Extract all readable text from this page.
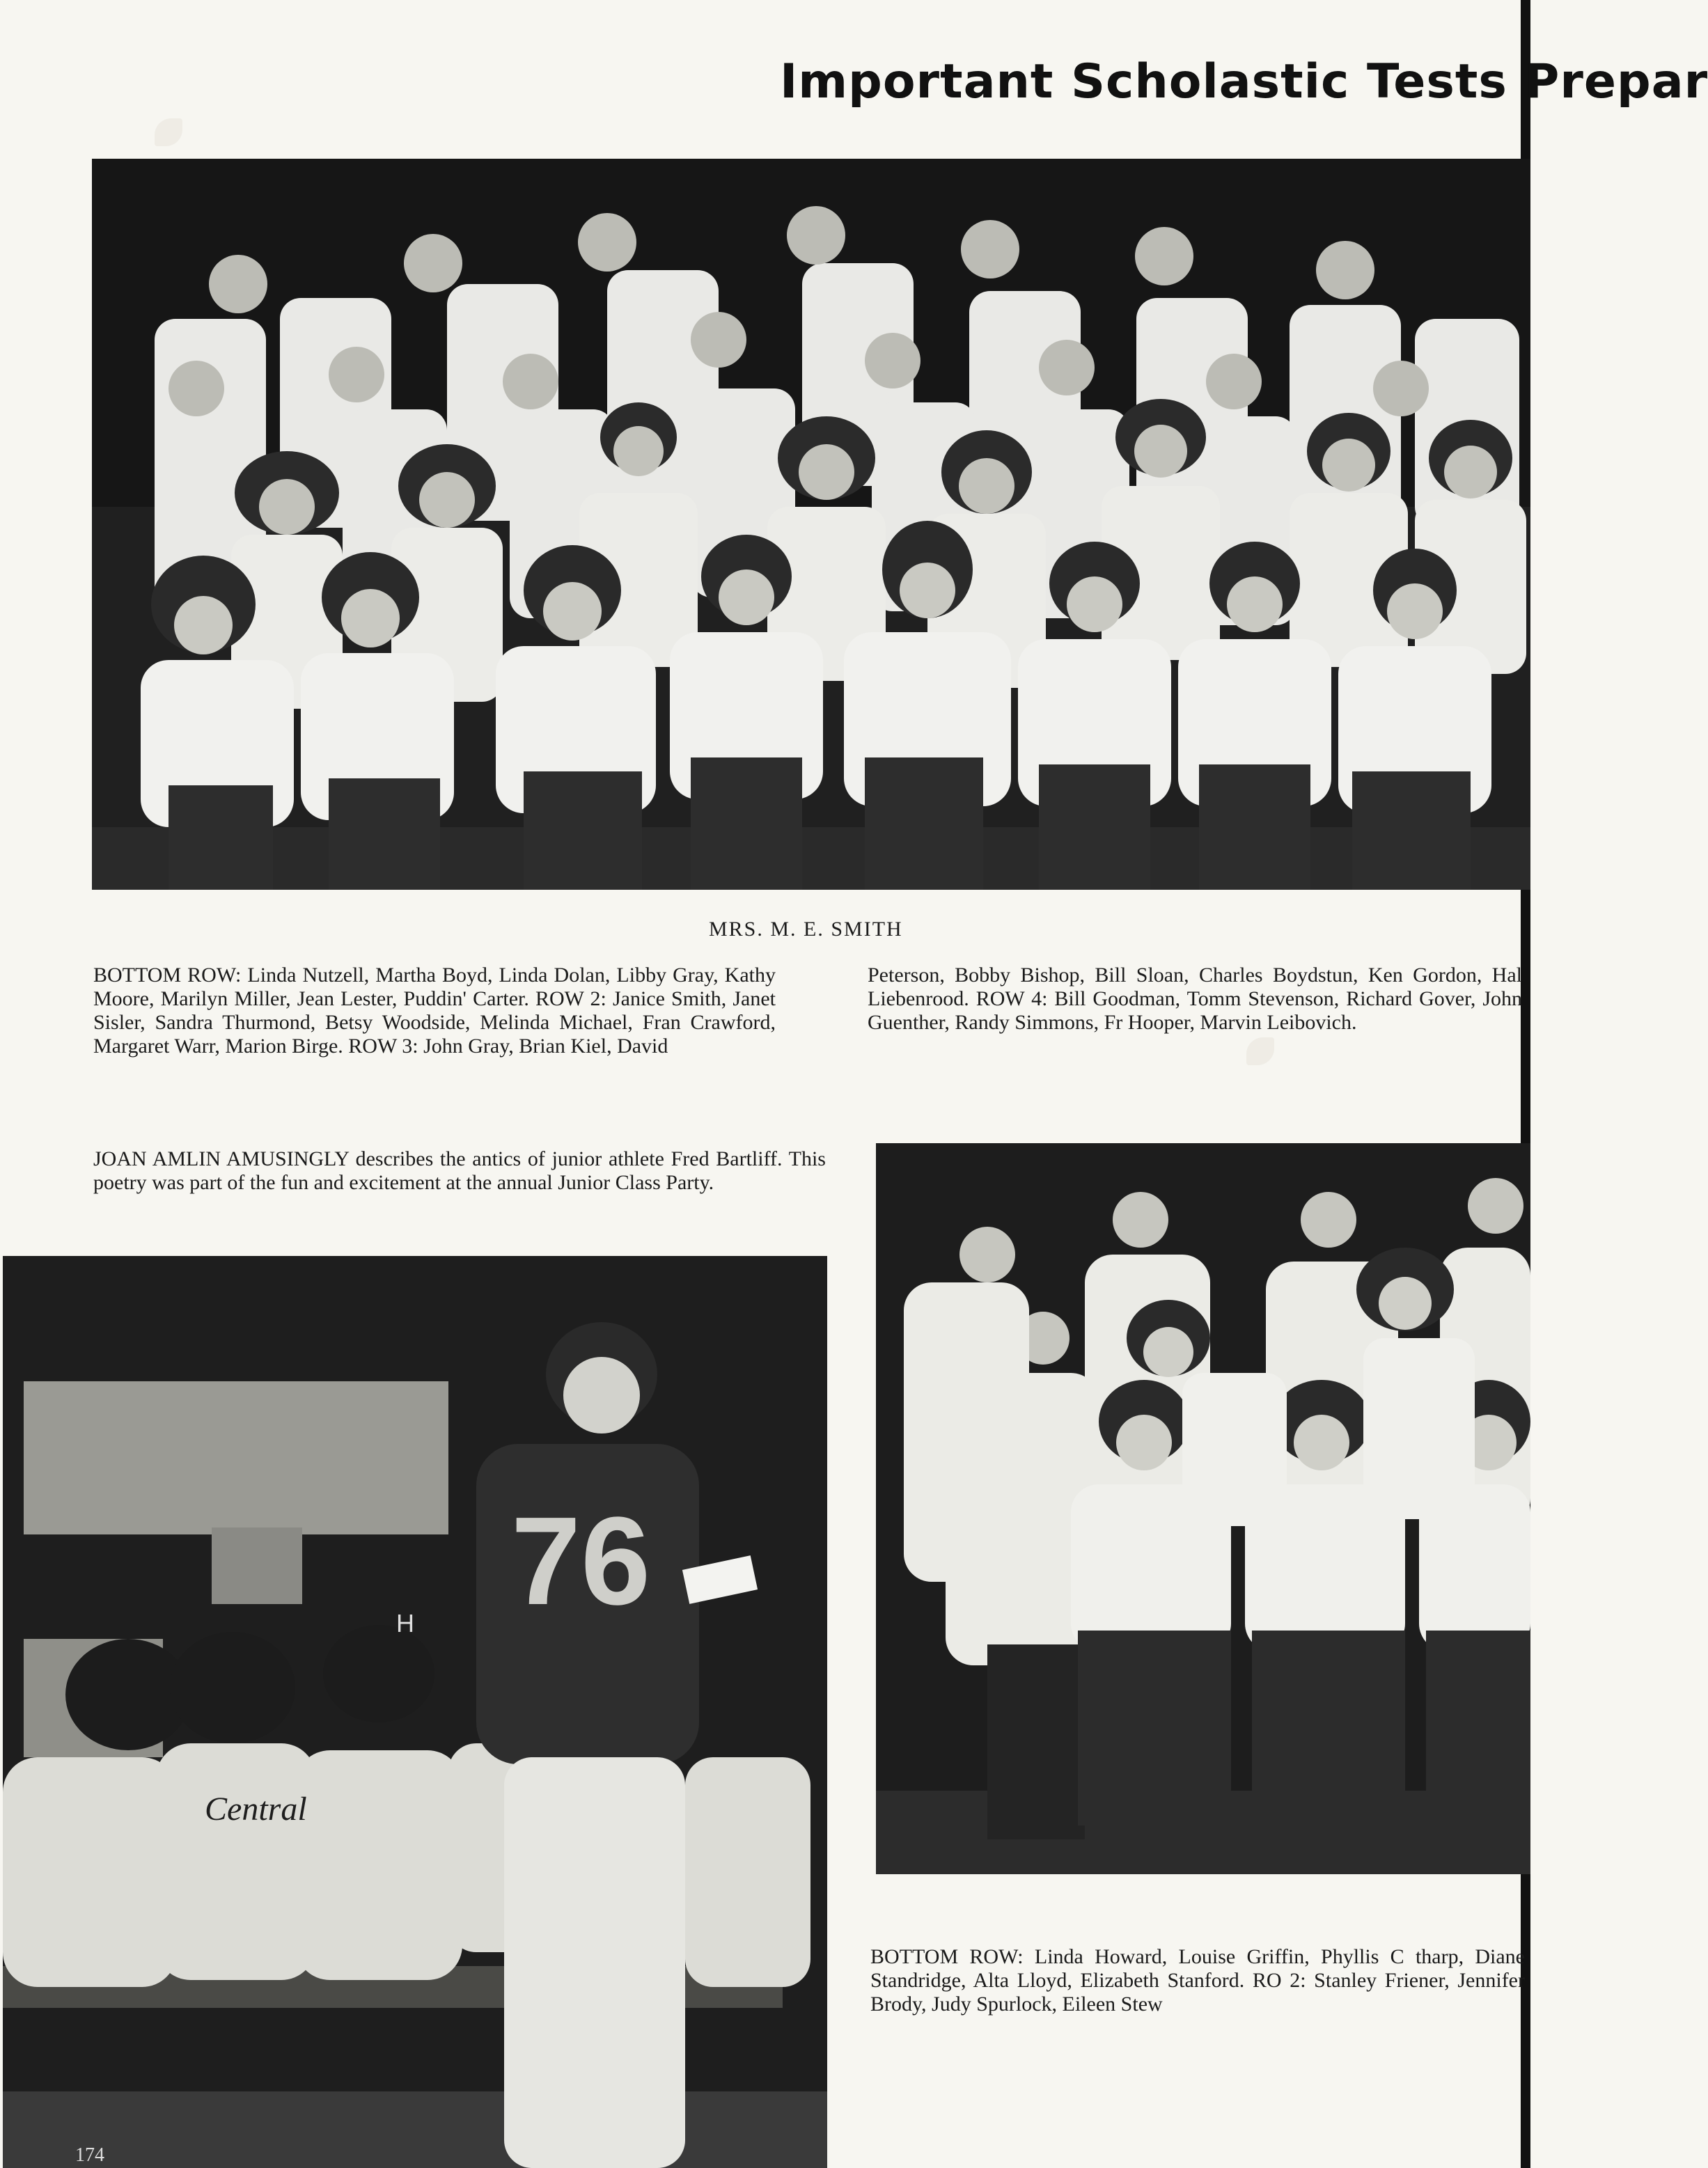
Important Scholastic Tests Prepar
MRS. M. E. SMITH
BOTTOM ROW: Linda Nutzell, Martha Boyd, Linda Dolan, Libby Gray, Kathy Moore, Marilyn Miller, Jean Lester, Puddin' Carter. ROW 2: Janice Smith, Janet Sisler, Sandra Thurmond, Betsy Woodside, Melinda Michael, Fran Crawford, Margaret Warr, Marion Birge. ROW 3: John Gray, Brian Kiel, David
Peterson, Bobby Bishop, Bill Sloan, Charles Boydstun, Ken Gordon, Hal Liebenrood. ROW 4: Bill Goodman, Tomm Stevenson, Richard Gover, John Guenther, Randy Simmons, Fr Hooper, Marvin Leibovich.
JOAN AMLIN AMUSINGLY describes the antics of junior athlete Fred Bartliff. This poetry was part of the fun and excitement at the annual Junior Class Party.
Central
H 76
174
BOTTOM ROW: Linda Howard, Louise Griffin, Phyllis C tharp, Diane Standridge, Alta Lloyd, Elizabeth Stanford. RO 2: Stanley Friener, Jennifer Brody, Judy Spurlock, Eileen Stew
